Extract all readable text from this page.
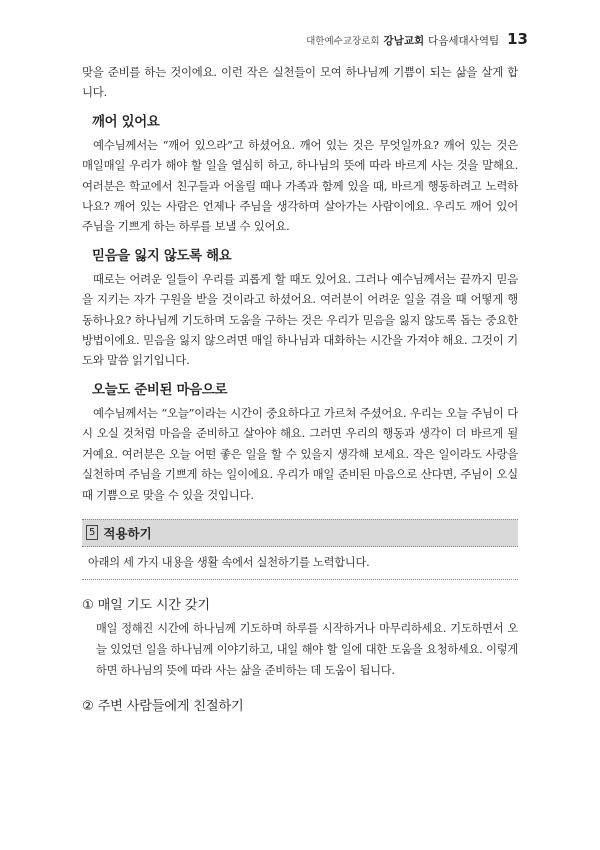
대한예수교장로회 강남교회 다음세대사역팀 13

맞을 준비를 하는 것이에요. 이런 작은 실천들이 모여 하나님께 기쁨이 되는 삶을 살게 합니다.

깨어 있어요

예수님께서는 “깨어 있으라”고 하셨어요. 깨어 있는 것은 무엇일까요? 깨어 있는 것은 매일매일 우리가 해야 할 일을 열심히 하고, 하나님의 뜻에 따라 바르게 사는 것을 말해요. 여러분은 학교에서 친구들과 어울릴 때나 가족과 함께 있을 때, 바르게 행동하려고 노력하나요? 깨어 있는 사람은 언제나 주님을 생각하며 살아가는 사람이에요. 우리도 깨어 있어 주님을 기쁘게 하는 하루를 보낼 수 있어요.

믿음을 잃지 않도록 해요

때로는 어려운 일들이 우리를 괴롭게 할 때도 있어요. 그러나 예수님께서는 끝까지 믿음을 지키는 자가 구원을 받을 것이라고 하셨어요. 여러분이 어려운 일을 겪을 때 어떻게 행동하나요? 하나님께 기도하며 도움을 구하는 것은 우리가 믿음을 잃지 않도록 돕는 중요한 방법이에요. 믿음을 잃지 않으려면 매일 하나님과 대화하는 시간을 가져야 해요. 그것이 기도와 말씀 읽기입니다.

오늘도 준비된 마음으로

예수님께서는 “오늘”이라는 시간이 중요하다고 가르쳐 주셨어요. 우리는 오늘 주님이 다시 오실 것처럼 마음을 준비하고 살아야 해요. 그러면 우리의 행동과 생각이 더 바르게 될 거예요. 여러분은 오늘 어떤 좋은 일을 할 수 있을지 생각해 보세요. 작은 일이라도 사랑을 실천하며 주님을 기쁘게 하는 일이에요. 우리가 매일 준비된 마음으로 산다면, 주님이 오실 때 기쁨으로 맞을 수 있을 것입니다.

5 적용하기
아래의 세 가지 내용을 생활 속에서 실천하기를 노력합니다.
① 매일 기도 시간 갖기

매일 정해진 시간에 하나님께 기도하며 하루를 시작하거나 마무리하세요. 기도하면서 오늘 있었던 일을 하나님께 이야기하고, 내일 해야 할 일에 대한 도움을 요청하세요. 이렇게 하면 하나님의 뜻에 따라 사는 삶을 준비하는 데 도움이 됩니다.

② 주변 사람들에게 친절하기
